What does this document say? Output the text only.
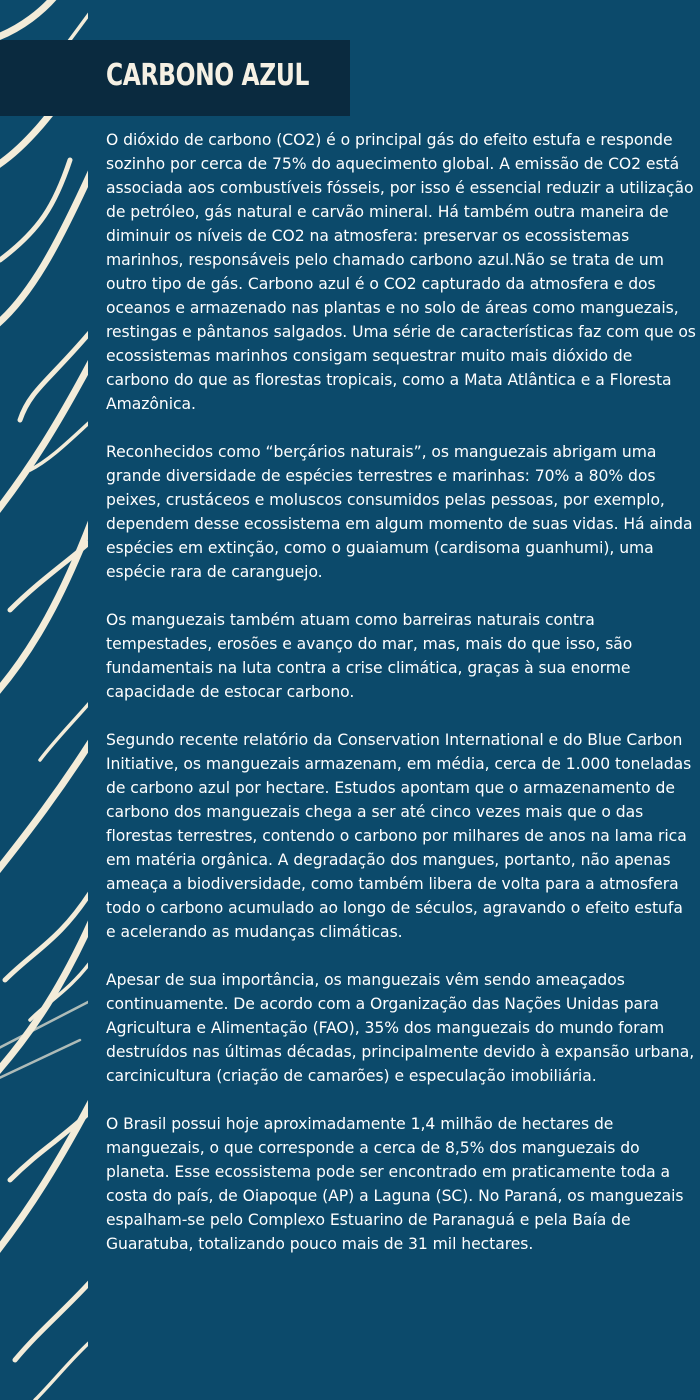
CARBONO AZUL

O dióxido de carbono (CO2) é o principal gás do efeito estufa e responde sozinho por cerca de 75% do aquecimento global. A emissão de CO2 está associada aos combustíveis fósseis, por isso é essencial reduzir a utilização de petróleo, gás natural e carvão mineral. Há também outra maneira de diminuir os níveis de CO2 na atmosfera: preservar os ecossistemas marinhos, responsáveis pelo chamado carbono azul.Não se trata de um outro tipo de gás. Carbono azul é o CO2 capturado da atmosfera e dos oceanos e armazenado nas plantas e no solo de áreas como manguezais, restingas e pântanos salgados. Uma série de características faz com que os ecossistemas marinhos consigam sequestrar muito mais dióxido de carbono do que as florestas tropicais, como a Mata Atlântica e a Floresta Amazônica.

Reconhecidos como “berçários naturais”, os manguezais abrigam uma grande diversidade de espécies terrestres e marinhas: 70% a 80% dos peixes, crustáceos e moluscos consumidos pelas pessoas, por exemplo, dependem desse ecossistema em algum momento de suas vidas. Há ainda espécies em extinção, como o guaiamum (cardisoma guanhumi), uma espécie rara de caranguejo.

Os manguezais também atuam como barreiras naturais contra tempestades, erosões e avanço do mar, mas, mais do que isso, são fundamentais na luta contra a crise climática, graças à sua enorme capacidade de estocar carbono.

Segundo recente relatório da Conservation International e do Blue Carbon Initiative, os manguezais armazenam, em média, cerca de 1.000 toneladas de carbono azul por hectare. Estudos apontam que o armazenamento de carbono dos manguezais chega a ser até cinco vezes mais que o das florestas terrestres, contendo o carbono por milhares de anos na lama rica em matéria orgânica. A degradação dos mangues, portanto, não apenas ameaça a biodiversidade, como também libera de volta para a atmosfera todo o carbono acumulado ao longo de séculos, agravando o efeito estufa e acelerando as mudanças climáticas.

Apesar de sua importância, os manguezais vêm sendo ameaçados continuamente. De acordo com a Organização das Nações Unidas para Agricultura e Alimentação (FAO), 35% dos manguezais do mundo foram destruídos nas últimas décadas, principalmente devido à expansão urbana, carcinicultura (criação de camarões) e especulação imobiliária.

O Brasil possui hoje aproximadamente 1,4 milhão de hectares de manguezais, o que corresponde a cerca de 8,5% dos manguezais do planeta. Esse ecossistema pode ser encontrado em praticamente toda a costa do país, de Oiapoque (AP) a Laguna (SC). No Paraná, os manguezais espalham-se pelo Complexo Estuarino de Paranaguá e pela Baía de Guaratuba, totalizando pouco mais de 31 mil hectares.
